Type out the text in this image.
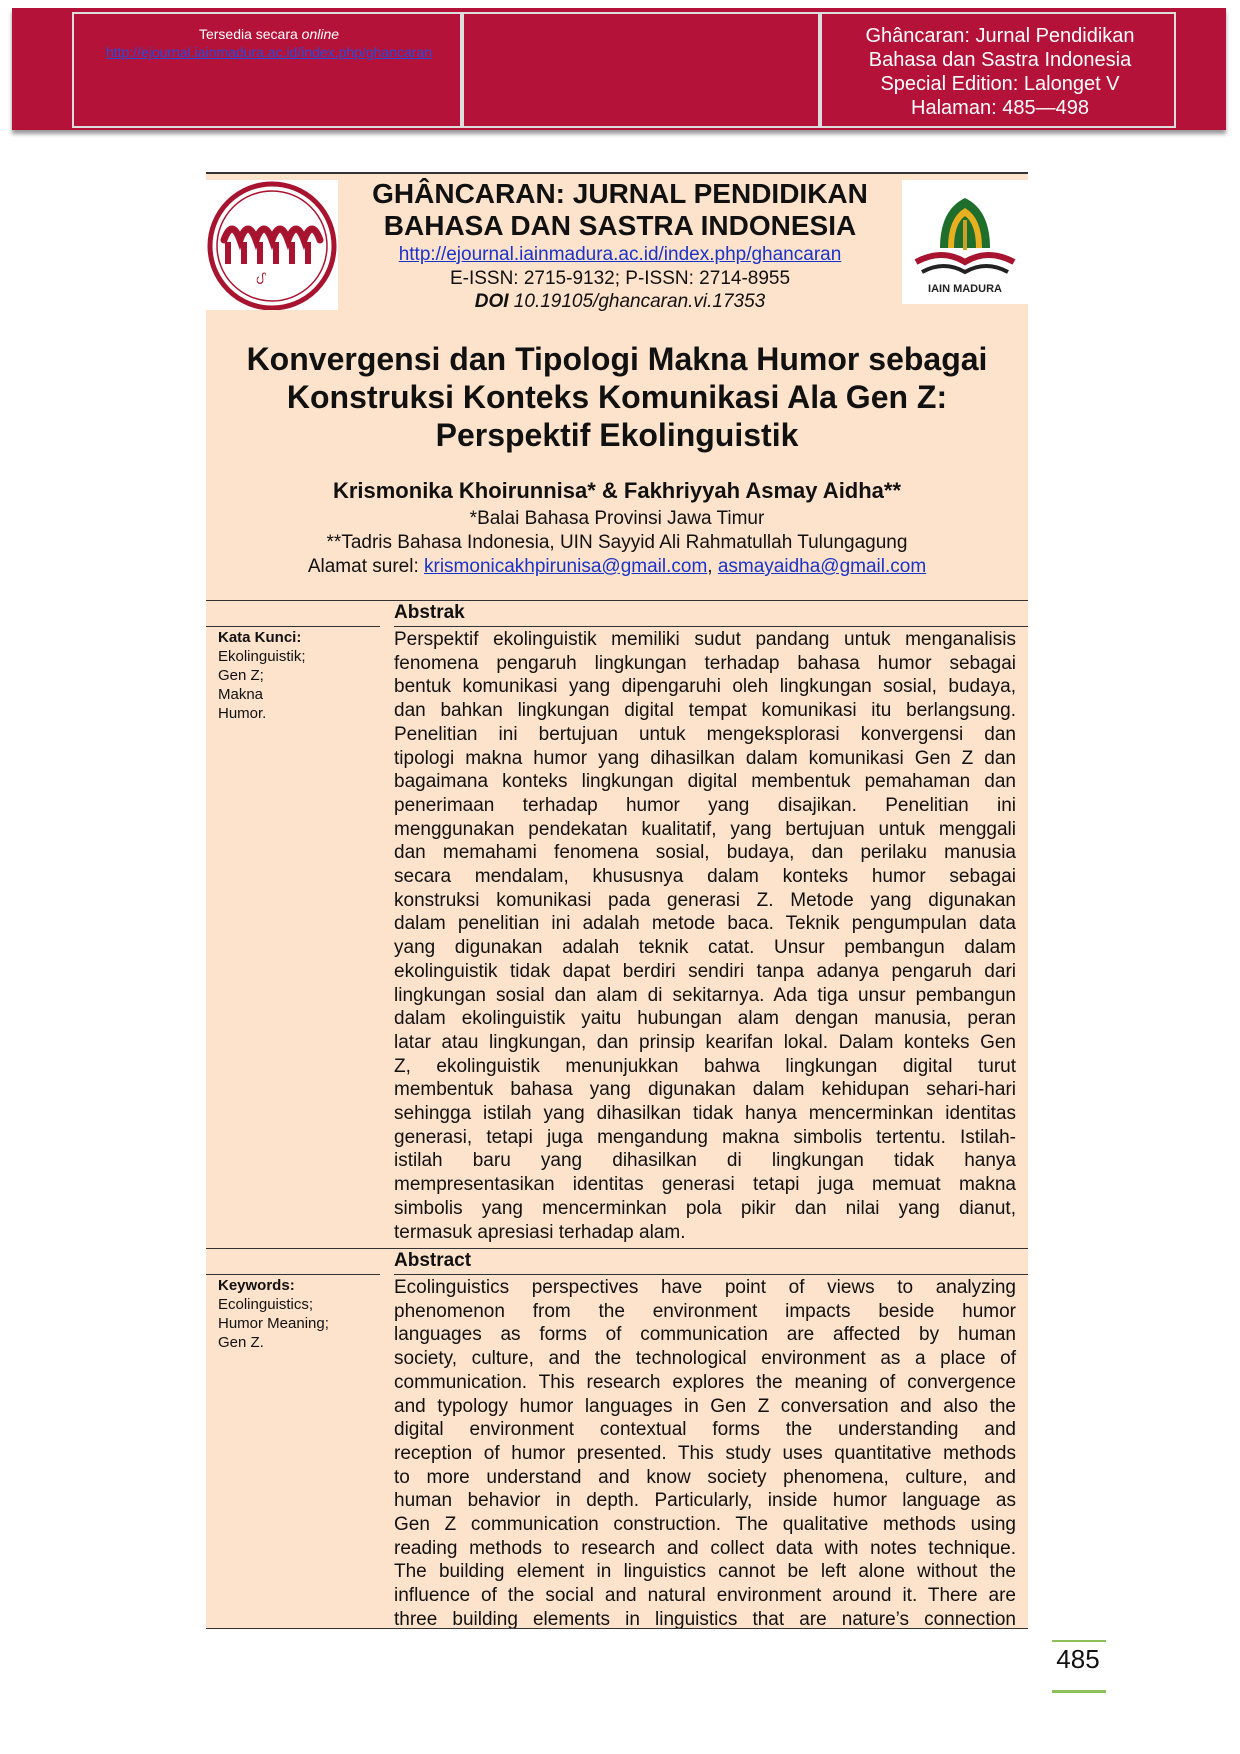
Tersedia secara online
http://ejournal.iainmadura.ac.id/index.php/ghancaran
Ghâncaran: Jurnal Pendidikan
Bahasa dan Sastra Indonesia
Special Edition: Lalonget V
Halaman: 485—498
ᦔ
GHÂNCARAN: JURNAL PENDIDIKAN
BAHASA DAN SASTRA INDONESIA
http://ejournal.iainmadura.ac.id/index.php/ghancaran
E-ISSN: 2715-9132; P-ISSN: 2714-8955
DOI 10.19105/ghancaran.vi.17353
IAIN MADURA
Konvergensi dan Tipologi Makna Humor sebagai
Konstruksi Konteks Komunikasi Ala Gen Z:
Perspektif Ekolinguistik
Krismonika Khoirunnisa* & Fakhriyyah Asmay Aidha**
*Balai Bahasa Provinsi Jawa Timur
**Tadris Bahasa Indonesia, UIN Sayyid Ali Rahmatullah Tulungagung
Alamat surel: krismonicakhpirunisa@gmail.com, asmayaidha@gmail.com
Kata Kunci:
Ekolinguistik;
Gen Z;
Makna
Humor.
Abstrak
Perspektif ekolinguistik memiliki sudut pandang untuk menganalisis
fenomena pengaruh lingkungan terhadap bahasa humor sebagai
bentuk komunikasi yang dipengaruhi oleh lingkungan sosial, budaya,
dan bahkan lingkungan digital tempat komunikasi itu berlangsung.
Penelitian ini bertujuan untuk mengeksplorasi konvergensi dan
tipologi makna humor yang dihasilkan dalam komunikasi Gen Z dan
bagaimana konteks lingkungan digital membentuk pemahaman dan
penerimaan terhadap humor yang disajikan. Penelitian ini
menggunakan pendekatan kualitatif, yang bertujuan untuk menggali
dan memahami fenomena sosial, budaya, dan perilaku manusia
secara mendalam, khususnya dalam konteks humor sebagai
konstruksi komunikasi pada generasi Z. Metode yang digunakan
dalam penelitian ini adalah metode baca. Teknik pengumpulan data
yang digunakan adalah teknik catat. Unsur pembangun dalam
ekolinguistik tidak dapat berdiri sendiri tanpa adanya pengaruh dari
lingkungan sosial dan alam di sekitarnya. Ada tiga unsur pembangun
dalam ekolinguistik yaitu hubungan alam dengan manusia, peran
latar atau lingkungan, dan prinsip kearifan lokal. Dalam konteks Gen
Z, ekolinguistik menunjukkan bahwa lingkungan digital turut
membentuk bahasa yang digunakan dalam kehidupan sehari-hari
sehingga istilah yang dihasilkan tidak hanya mencerminkan identitas
generasi, tetapi juga mengandung makna simbolis tertentu. Istilah-
istilah baru yang dihasilkan di lingkungan tidak hanya
mempresentasikan identitas generasi tetapi juga memuat makna
simbolis yang mencerminkan pola pikir dan nilai yang dianut,
termasuk apresiasi terhadap alam.
Keywords:
Ecolinguistics;
Humor Meaning;
Gen Z.
Abstract
Ecolinguistics perspectives have point of views to analyzing
phenomenon from the environment impacts beside humor
languages as forms of communication are affected by human
society, culture, and the technological environment as a place of
communication. This research explores the meaning of convergence
and typology humor languages in Gen Z conversation and also the
digital environment contextual forms the understanding and
reception of humor presented. This study uses quantitative methods
to more understand and know society phenomena, culture, and
human behavior in depth. Particularly, inside humor language as
Gen Z communication construction. The qualitative methods using
reading methods to research and collect data with notes technique.
The building element in linguistics cannot be left alone without the
influence of the social and natural environment around it. There are
three building elements in linguistics that are nature’s connection
485
